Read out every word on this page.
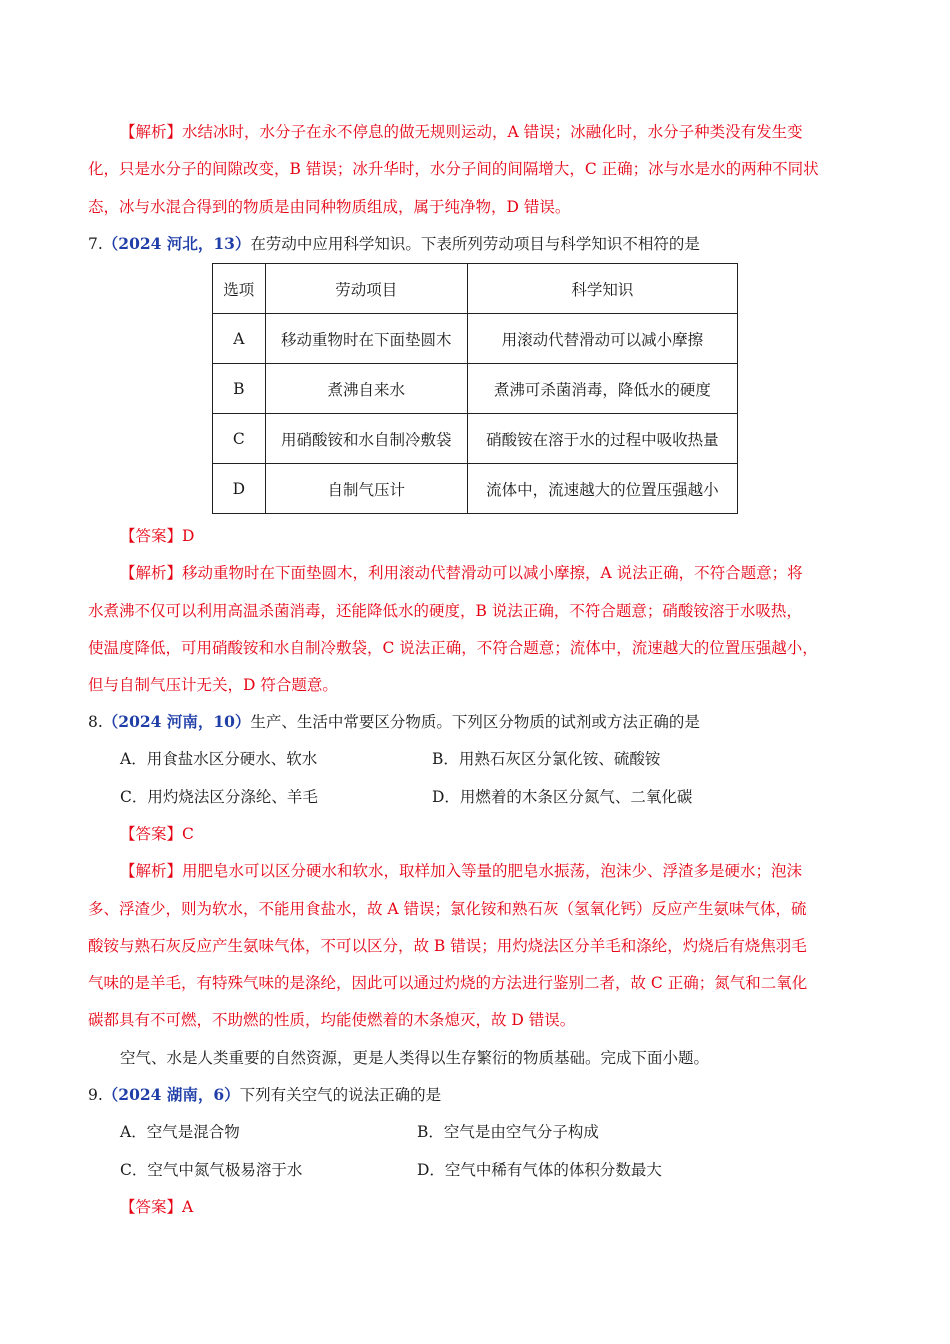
【解析】水结冰时，水分子在永不停息的做无规则运动，A 错误；冰融化时，水分子种类没有发生变
化，只是水分子的间隙改变，B 错误；冰升华时，水分子间的间隔增大，C 正确；冰与水是水的两种不同状
态，冰与水混合得到的物质是由同种物质组成，属于纯净物，D 错误。
7.（2024 河北，13）在劳动中应用科学知识。下表所列劳动项目与科学知识不相符的是
选项	劳动项目	科学知识
A	移动重物时在下面垫圆木	用滚动代替滑动可以减小摩擦
B	煮沸自来水	煮沸可杀菌消毒，降低水的硬度
C	用硝酸铵和水自制冷敷袋	硝酸铵在溶于水的过程中吸收热量
D	自制气压计	流体中，流速越大的位置压强越小
【答案】D
【解析】移动重物时在下面垫圆木，利用滚动代替滑动可以减小摩擦，A 说法正确，不符合题意；将
水煮沸不仅可以利用高温杀菌消毒，还能降低水的硬度，B 说法正确，不符合题意；硝酸铵溶于水吸热，
使温度降低，可用硝酸铵和水自制冷敷袋，C 说法正确，不符合题意；流体中，流速越大的位置压强越小，
但与自制气压计无关，D 符合题意。
8.（2024 河南，10）生产、生活中常要区分物质。下列区分物质的试剂或方法正确的是
A．用食盐水区分硬水、软水	B．用熟石灰区分氯化铵、硫酸铵
C．用灼烧法区分涤纶、羊毛	D．用燃着的木条区分氮气、二氧化碳
【答案】C
【解析】用肥皂水可以区分硬水和软水，取样加入等量的肥皂水振荡，泡沫少、浮渣多是硬水；泡沫
多、浮渣少，则为软水，不能用食盐水，故 A 错误；氯化铵和熟石灰（氢氧化钙）反应产生氨味气体，硫
酸铵与熟石灰反应产生氨味气体，不可以区分，故 B 错误；用灼烧法区分羊毛和涤纶，灼烧后有烧焦羽毛
气味的是羊毛，有特殊气味的是涤纶，因此可以通过灼烧的方法进行鉴别二者，故 C 正确；氮气和二氧化
碳都具有不可燃，不助燃的性质，均能使燃着的木条熄灭，故 D 错误。
空气、水是人类重要的自然资源，更是人类得以生存繁衍的物质基础。完成下面小题。
9.（2024 湖南，6）下列有关空气的说法正确的是
A．空气是混合物	B．空气是由空气分子构成
C．空气中氮气极易溶于水	D．空气中稀有气体的体积分数最大
【答案】A
